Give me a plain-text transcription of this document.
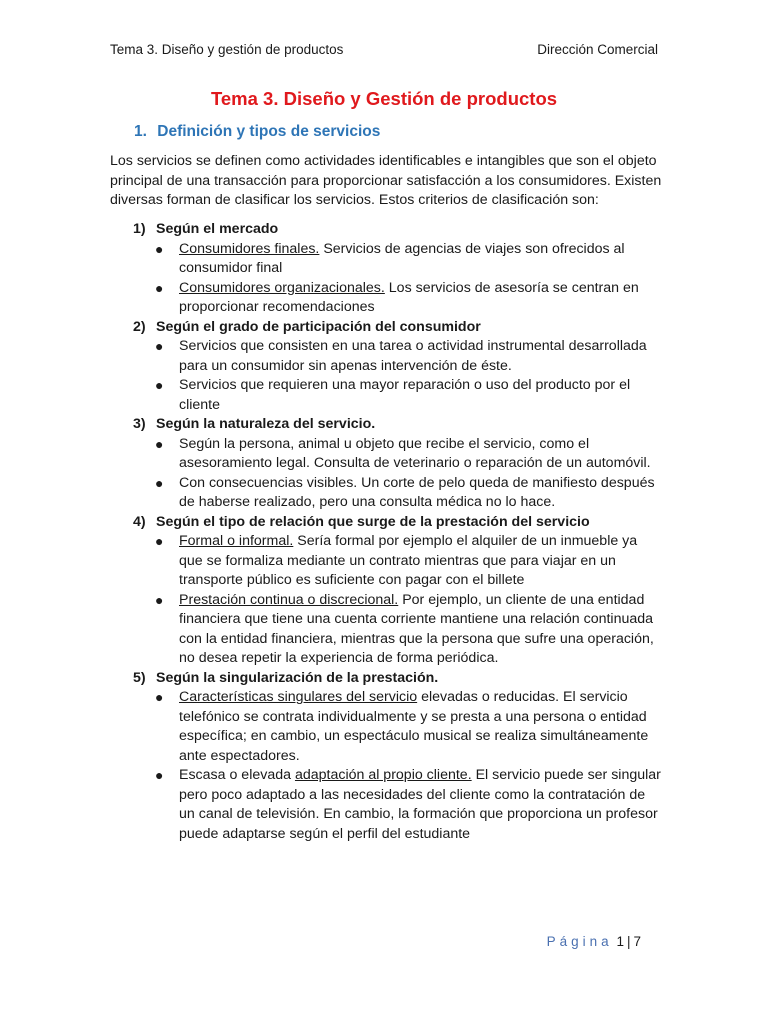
Tema 3. Diseño y gestión de productos	Dirección Comercial
Tema 3. Diseño y Gestión de productos
1. Definición y tipos de servicios

Los servicios se definen como actividades identificables e intangibles que son el objeto principal de una transacción para proporcionar satisfacción a los consumidores. Existen diversas forman de clasificar los servicios. Estos criterios de clasificación son:

1) Según el mercado
● Consumidores finales. Servicios de agencias de viajes son ofrecidos al consumidor final
● Consumidores organizacionales. Los servicios de asesoría se centran en proporcionar recomendaciones
2) Según el grado de participación del consumidor
● Servicios que consisten en una tarea o actividad instrumental desarrollada para un consumidor sin apenas intervención de éste.
● Servicios que requieren una mayor reparación o uso del producto por el cliente
3) Según la naturaleza del servicio.
● Según la persona, animal u objeto que recibe el servicio, como el asesoramiento legal. Consulta de veterinario o reparación de un automóvil.
● Con consecuencias visibles. Un corte de pelo queda de manifiesto después de haberse realizado, pero una consulta médica no lo hace.
4) Según el tipo de relación que surge de la prestación del servicio
● Formal o informal. Sería formal por ejemplo el alquiler de un inmueble ya que se formaliza mediante un contrato mientras que para viajar en un transporte público es suficiente con pagar con el billete
● Prestación continua o discrecional. Por ejemplo, un cliente de una entidad financiera que tiene una cuenta corriente mantiene una relación continuada con la entidad financiera, mientras que la persona que sufre una operación, no desea repetir la experiencia de forma periódica.
5) Según la singularización de la prestación.
● Características singulares del servicio elevadas o reducidas. El servicio telefónico se contrata individualmente y se presta a una persona o entidad específica; en cambio, un espectáculo musical se realiza simultáneamente ante espectadores.
● Escasa o elevada adaptación al propio cliente. El servicio puede ser singular pero poco adaptado a las necesidades del cliente como la contratación de un canal de televisión. En cambio, la formación que proporciona un profesor puede adaptarse según el perfil del estudiante
Página 1 | 7
